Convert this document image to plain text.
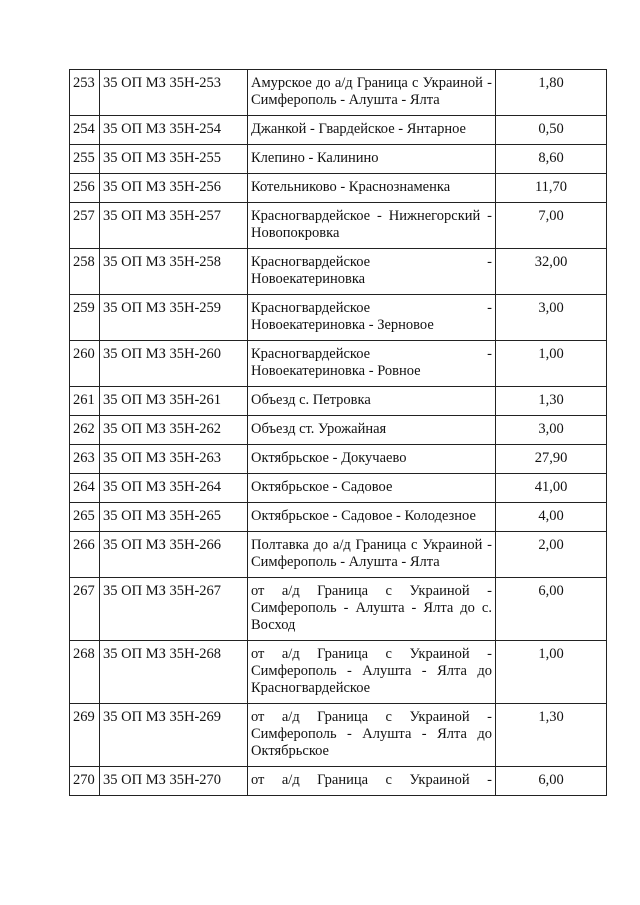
253	35 ОП МЗ 35Н-253	Амурское до а/д Граница с Украиной - Симферополь - Алушта - Ялта	1,80
254	35 ОП МЗ 35Н-254	Джанкой - Гвардейское - Янтарное	0,50
255	35 ОП МЗ 35Н-255	Клепино - Калинино	8,60
256	35 ОП МЗ 35Н-256	Котельниково - Краснознаменка	11,70
257	35 ОП МЗ 35Н-257	Красногвардейское - Нижнегорский - Новопокровка	7,00
258	35 ОП МЗ 35Н-258	Красногвардейское - Новоекатериновка	32,00
259	35 ОП МЗ 35Н-259	Красногвардейское - Новоекатериновка - Зерновое	3,00
260	35 ОП МЗ 35Н-260	Красногвардейское - Новоекатериновка - Ровное	1,00
261	35 ОП МЗ 35Н-261	Объезд с. Петровка	1,30
262	35 ОП МЗ 35Н-262	Объезд ст. Урожайная	3,00
263	35 ОП МЗ 35Н-263	Октябрьское - Докучаево	27,90
264	35 ОП МЗ 35Н-264	Октябрьское - Садовое	41,00
265	35 ОП МЗ 35Н-265	Октябрьское - Садовое - Колодезное	4,00
266	35 ОП МЗ 35Н-266	Полтавка до а/д Граница с Украиной - Симферополь - Алушта - Ялта	2,00
267	35 ОП МЗ 35Н-267	от а/д Граница с Украиной - Симферополь - Алушта - Ялта до с. Восход	6,00
268	35 ОП МЗ 35Н-268	от а/д Граница с Украиной - Симферополь - Алушта - Ялта до Красногвардейское	1,00
269	35 ОП МЗ 35Н-269	от а/д Граница с Украиной - Симферополь - Алушта - Ялта до Октябрьское	1,30
270	35 ОП МЗ 35Н-270	от а/д Граница с Украиной -	6,00
